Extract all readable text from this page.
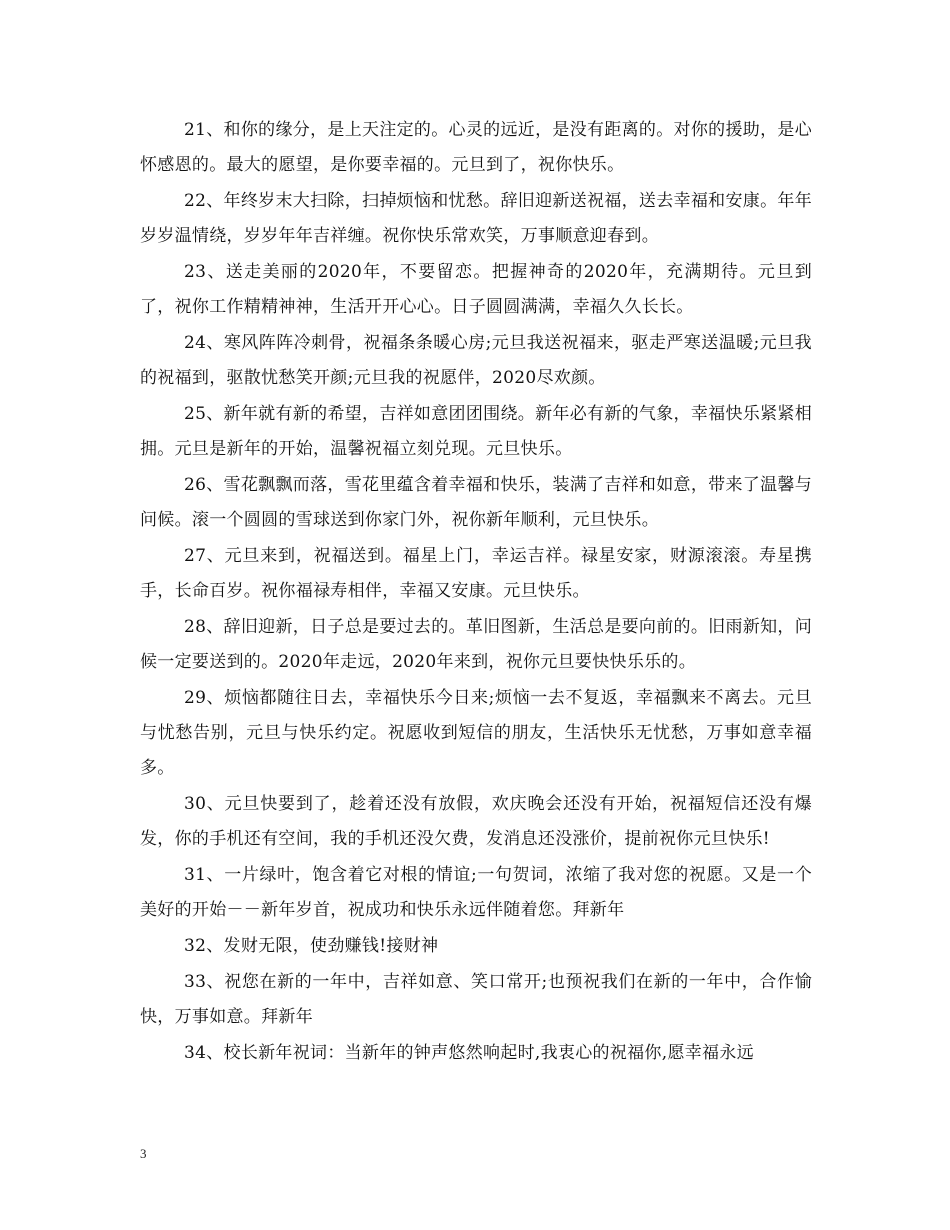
21、和你的缘分，是上天注定的。心灵的远近，是没有距离的。对你的援助，是心怀感恩的。最大的愿望，是你要幸福的。元旦到了，祝你快乐。

22、年终岁末大扫除，扫掉烦恼和忧愁。辞旧迎新送祝福，送去幸福和安康。年年岁岁温情绕，岁岁年年吉祥缠。祝你快乐常欢笑，万事顺意迎春到。

23、送走美丽的2020年，不要留恋。把握神奇的2020年，充满期待。元旦到了，祝你工作精精神神，生活开开心心。日子圆圆满满，幸福久久长长。

24、寒风阵阵冷刺骨，祝福条条暖心房;元旦我送祝福来，驱走严寒送温暖;元旦我的祝福到，驱散忧愁笑开颜;元旦我的祝愿伴，2020尽欢颜。

25、新年就有新的希望，吉祥如意团团围绕。新年必有新的气象，幸福快乐紧紧相拥。元旦是新年的开始，温馨祝福立刻兑现。元旦快乐。

26、雪花飘飘而落，雪花里蕴含着幸福和快乐，装满了吉祥和如意，带来了温馨与问候。滚一个圆圆的雪球送到你家门外，祝你新年顺利，元旦快乐。

27、元旦来到，祝福送到。福星上门，幸运吉祥。禄星安家，财源滚滚。寿星携手，长命百岁。祝你福禄寿相伴，幸福又安康。元旦快乐。

28、辞旧迎新，日子总是要过去的。革旧图新，生活总是要向前的。旧雨新知，问候一定要送到的。2020年走远，2020年来到，祝你元旦要快快乐乐的。

29、烦恼都随往日去，幸福快乐今日来;烦恼一去不复返，幸福飘来不离去。元旦与忧愁告别，元旦与快乐约定。祝愿收到短信的朋友，生活快乐无忧愁，万事如意幸福多。

30、元旦快要到了，趁着还没有放假，欢庆晚会还没有开始，祝福短信还没有爆发，你的手机还有空间，我的手机还没欠费，发消息还没涨价，提前祝你元旦快乐!

31、一片绿叶，饱含着它对根的情谊;一句贺词，浓缩了我对您的祝愿。又是一个美好的开始－－新年岁首，祝成功和快乐永远伴随着您。拜新年

32、发财无限，使劲赚钱!接财神

33、祝您在新的一年中，吉祥如意、笑口常开;也预祝我们在新的一年中，合作愉快，万事如意。拜新年

34、校长新年祝词：当新年的钟声悠然响起时,我衷心的祝福你,愿幸福永远

3
